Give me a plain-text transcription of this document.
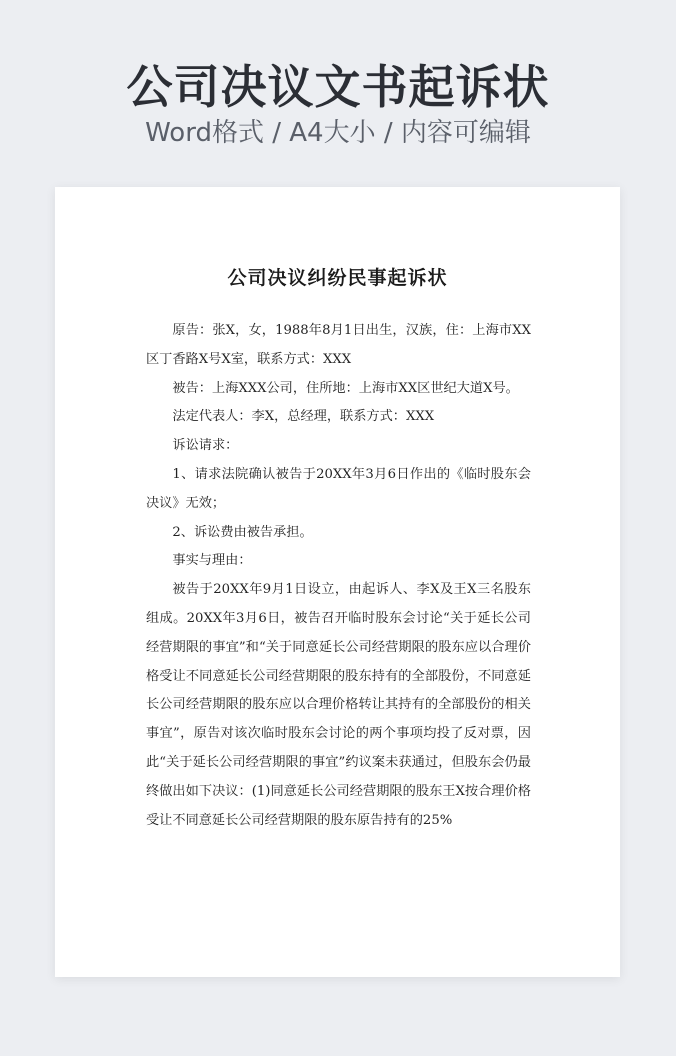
公司决议文书起诉状
Word格式 / A4大小 / 内容可编辑
公司决议纠纷民事起诉状

原告：张X，女，1988年8月1日出生，汉族，住：上海市XX区丁香路X号X室，联系方式：XXX

被告：上海XXX公司，住所地：上海市XX区世纪大道X号。

法定代表人：李X，总经理，联系方式：XXX

诉讼请求：

1、请求法院确认被告于20XX年3月6日作出的《临时股东会决议》无效；

2、诉讼费由被告承担。

事实与理由：

被告于20XX年9月1日设立，由起诉人、李X及王X三名股东组成。20XX年3月6日，被告召开临时股东会讨论“关于延长公司经营期限的事宜”和“关于同意延长公司经营期限的股东应以合理价格受让不同意延长公司经营期限的股东持有的全部股份，不同意延长公司经营期限的股东应以合理价格转让其持有的全部股份的相关事宜”，原告对该次临时股东会讨论的两个事项均投了反对票，因此“关于延长公司经营期限的事宜”约议案未获通过，但股东会仍最终做出如下决议：(1)同意延长公司经营期限的股东王X按合理价格受让不同意延长公司经营期限的股东原告持有的25%
